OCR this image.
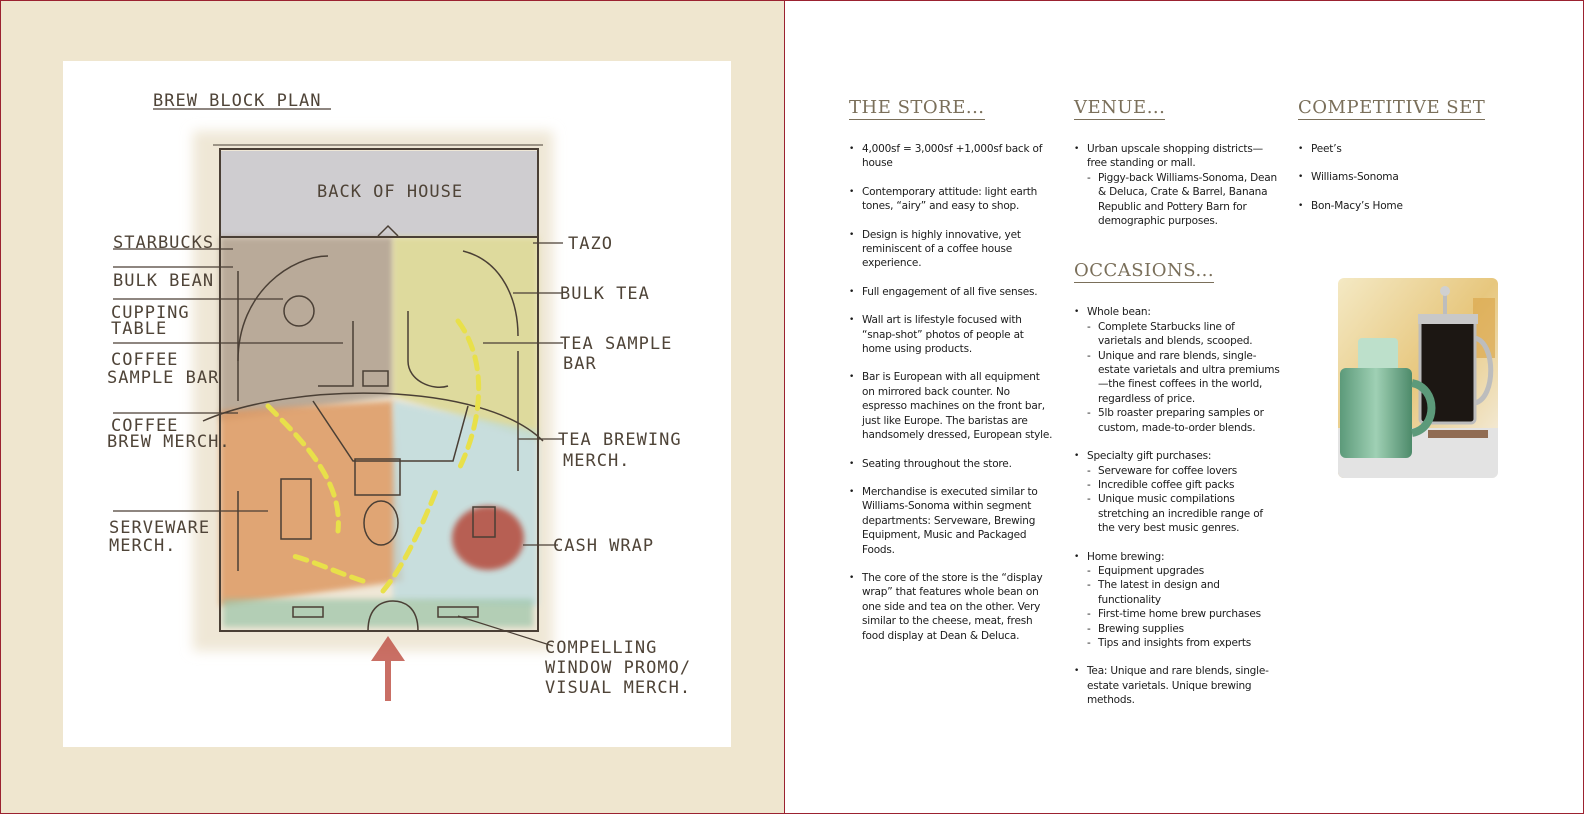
BREW BLOCK PLAN
BACK OF HOUSE
STARBUCKS
BULK BEAN
CUPPING
TABLE
COFFEE
SAMPLE BAR
COFFEE
BREW MERCH.
SERVEWARE
MERCH.
TAZO
BULK TEA
TEA SAMPLE
BAR
TEA BREWING
MERCH.
CASH WRAP
COMPELLING
WINDOW PROMO/
VISUAL MERCH.
THE STORE...
• 4,000sf = 3,000sf +1,000sf back of house
• Contemporary attitude: light earth tones, “airy” and easy to shop.
• Design is highly innovative, yet reminiscent of a coffee house experience.
• Full engagement of all five senses.
• Wall art is lifestyle focused with “snap-shot” photos of people at home using products.
• Bar is European with all equipment on mirrored back counter. No espresso machines on the front bar, just like Europe. The baristas are handsomely dressed, European style.
• Seating throughout the store.
• Merchandise is executed similar to Williams-Sonoma within segment departments: Serveware, Brewing Equipment, Music and Packaged Foods.
• The core of the store is the “display wrap” that features whole bean on one side and tea on the other. Very similar to the cheese, meat, fresh food display at Dean & Deluca.
VENUE...
• Urban upscale shopping districts—free standing or mall.
- Piggy-back Williams-Sonoma, Dean & Deluca, Crate & Barrel, Banana Republic and Pottery Barn for demographic purposes.
OCCASIONS...
• Whole bean:
- Complete Starbucks line of varietals and blends, scooped.
- Unique and rare blends, single-estate varietals and ultra premiums—the finest coffees in the world, regardless of price.
- 5lb roaster preparing samples or custom, made-to-order blends.
• Specialty gift purchases:
- Serveware for coffee lovers
- Incredible coffee gift packs
- Unique music compilations stretching an incredible range of the very best music genres.
• Home brewing:
- Equipment upgrades
- The latest in design and functionality
- First-time home brew purchases
- Brewing supplies
- Tips and insights from experts
• Tea: Unique and rare blends, single-estate varietals. Unique brewing methods.
COMPETITIVE SET
• Peet’s
• Williams-Sonoma
• Bon-Macy’s Home
